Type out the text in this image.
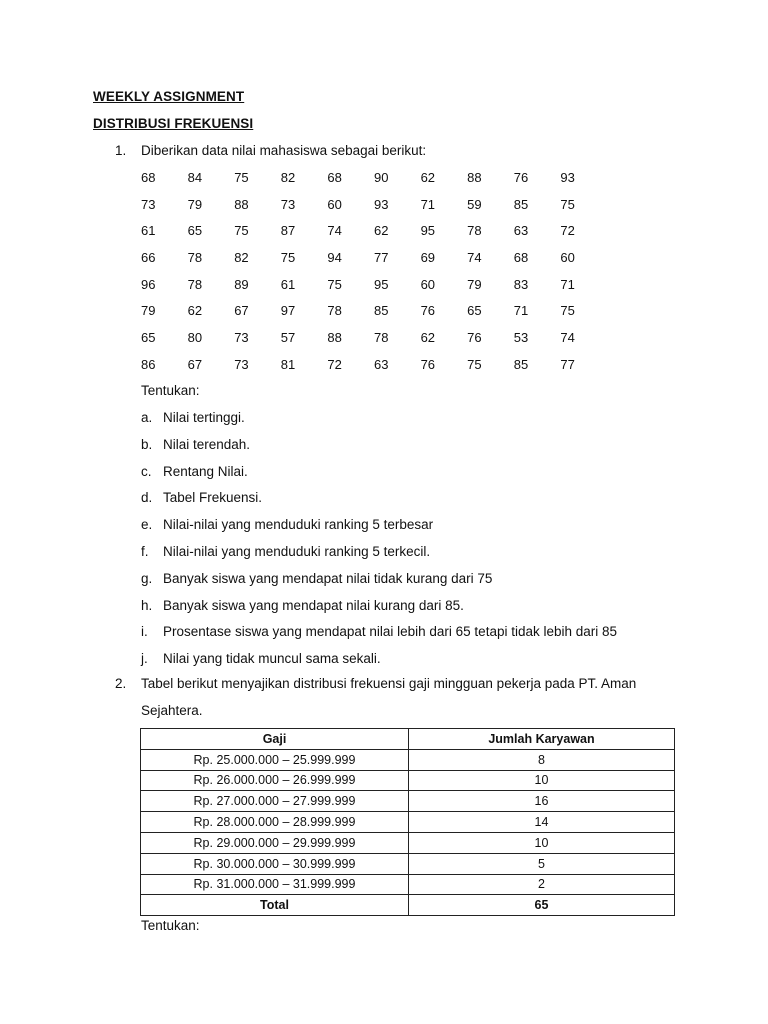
WEEKLY ASSIGNMENT
DISTRIBUSI FREKUENSI
1. Diberikan data nilai mahasiswa sebagai berikut:
68	84	75	82	68	90	62	88	76	93
73	79	88	73	60	93	71	59	85	75
61	65	75	87	74	62	95	78	63	72
66	78	82	75	94	77	69	74	68	60
96	78	89	61	75	95	60	79	83	71
79	62	67	97	78	85	76	65	71	75
65	80	73	57	88	78	62	76	53	74
86	67	73	81	72	63	76	75	85	77
Tentukan:
a. Nilai tertinggi.
b. Nilai terendah.
c. Rentang Nilai.
d. Tabel Frekuensi.
e. Nilai-nilai yang menduduki ranking 5 terbesar
f. Nilai-nilai yang menduduki ranking 5 terkecil.
g. Banyak siswa yang mendapat nilai tidak kurang dari 75
h. Banyak siswa yang mendapat nilai kurang dari 85.
i. Prosentase siswa yang mendapat nilai lebih dari 65 tetapi tidak lebih dari 85
j. Nilai yang tidak muncul sama sekali.
2. Tabel berikut menyajikan distribusi frekuensi gaji mingguan pekerja pada PT. Aman
Sejahtera.
Gaji	Jumlah Karyawan
Rp. 25.000.000 – 25.999.999	8
Rp. 26.000.000 – 26.999.999	10
Rp. 27.000.000 – 27.999.999	16
Rp. 28.000.000 – 28.999.999	14
Rp. 29.000.000 – 29.999.999	10
Rp. 30.000.000 – 30.999.999	5
Rp. 31.000.000 – 31.999.999	2
Total	65
Tentukan:
